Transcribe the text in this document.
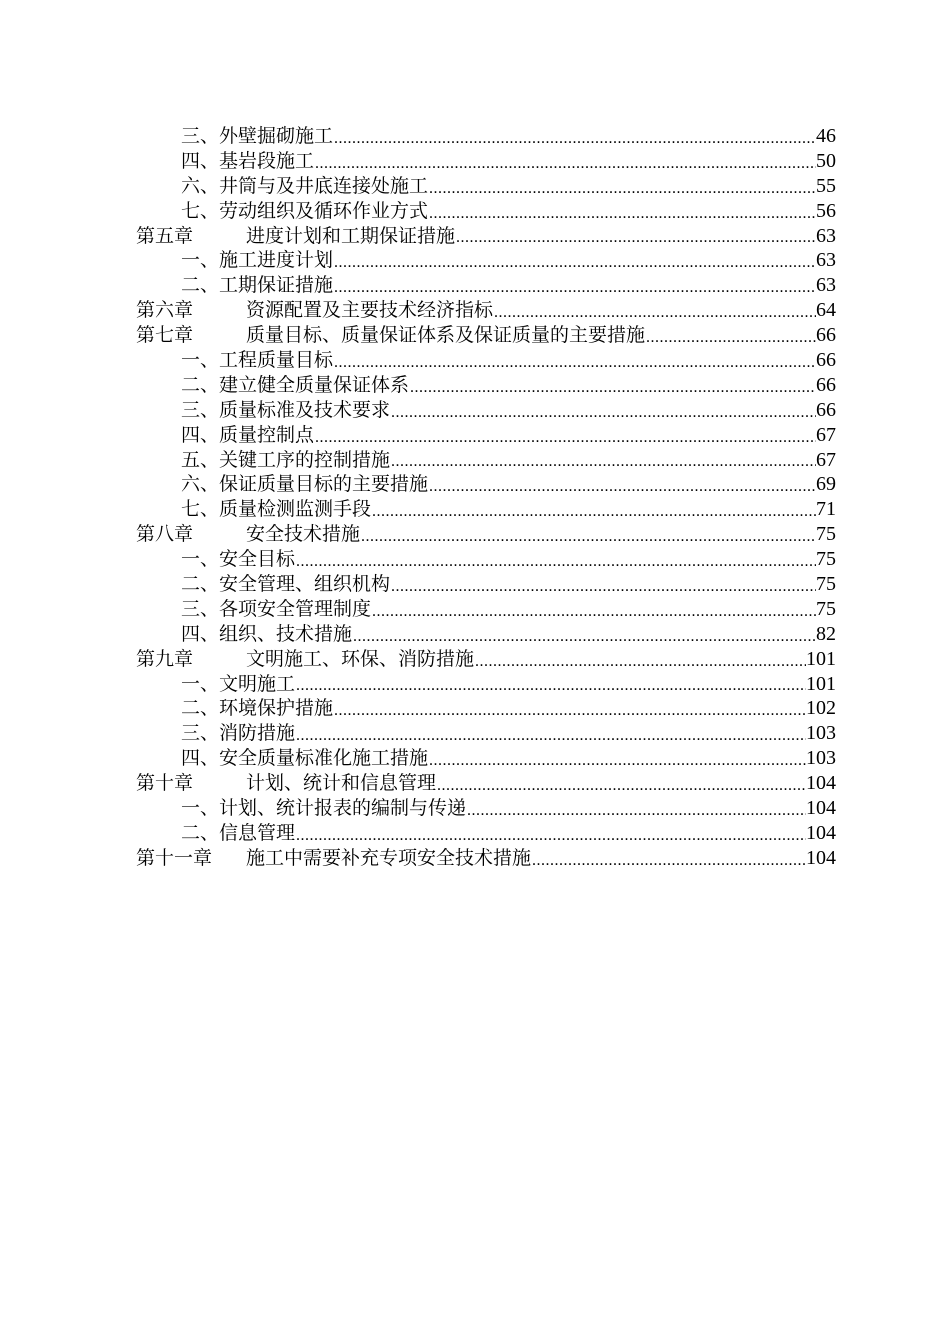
三、 外壁掘砌施工 .....	46
四、 基岩段施工 .....	50
六、 井筒与及井底连接处施工 .....	55
七、 劳动组织及循环作业方式 .....	56
第五章	进度计划和工期保证措施 .....	63
一、 施工进度计划 .....	63
二、 工期保证措施 .....	63
第六章	资源配置及主要技术经济指标 .....	64
第七章	质量目标、质量保证体系及保证质量的主要措施 .....	66
一、 工程质量目标 .....	66
二、 建立健全质量保证体系 .....	66
三、 质量标准及技术要求 .....	66
四、 质量控制点 .....	67
五、 关键工序的控制措施 .....	67
六、 保证质量目标的主要措施 .....	69
七、 质量检测监测手段 .....	71
第八章	安全技术措施 .....	75
一、 安全目标 .....	75
二、 安全管理、组织机构 .....	75
三、 各项安全管理制度 .....	75
四、 组织、技术措施 .....	82
第九章	文明施工、环保、消防措施 .....	101
一、 文明施工 .....	101
二、 环境保护措施 .....	102
三、 消防措施 .....	103
四、 安全质量标准化施工措施 .....	103
第十章	计划、统计和信息管理 .....	104
一、 计划、统计报表的编制与传递 .....	104
二、 信息管理 .....	104
第十一章	施工中需要补充专项安全技术措施 .....	104
